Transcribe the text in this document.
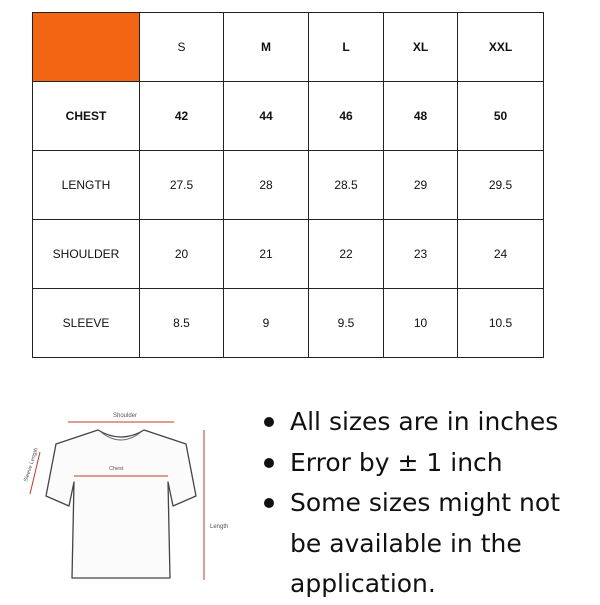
	S	M	L	XL	XXL
CHEST	42	44	46	48	50
LENGTH	27.5	28	28.5	29	29.5
SHOULDER	20	21	22	23	24
SLEEVE	8.5	9	9.5	10	10.5
Shoulder
Chest
Sleeve Length
Length
All sizes are in inches
Error by ± 1 inch
Some sizes might not
be available in the
application.
